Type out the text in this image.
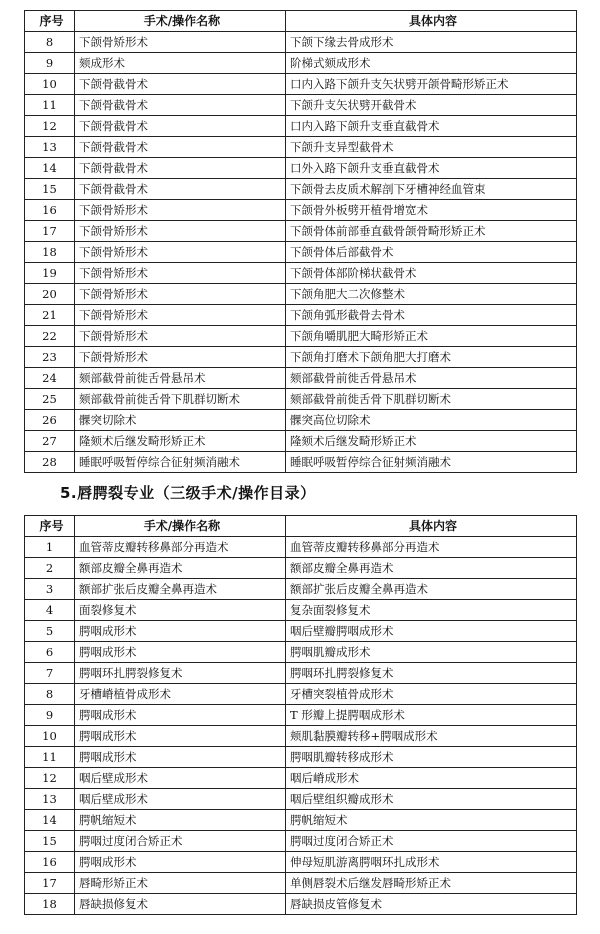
序号	手术/操作名称	具体内容
8	下颌骨矫形术	下颌下缘去骨成形术
9	颏成形术	阶梯式颏成形术
10	下颌骨截骨术	口内入路下颌升支矢状劈开颌骨畸形矫正术
11	下颌骨截骨术	下颌升支矢状劈开截骨术
12	下颌骨截骨术	口内入路下颌升支垂直截骨术
13	下颌骨截骨术	下颌升支异型截骨术
14	下颌骨截骨术	口外入路下颌升支垂直截骨术
15	下颌骨截骨术	下颌骨去皮质术解剖下牙槽神经血管束
16	下颌骨矫形术	下颌骨外板劈开植骨增宽术
17	下颌骨矫形术	下颌骨体前部垂直截骨颌骨畸形矫正术
18	下颌骨矫形术	下颌骨体后部截骨术
19	下颌骨矫形术	下颌骨体部阶梯状截骨术
20	下颌骨矫形术	下颌角肥大二次修整术
21	下颌骨矫形术	下颌角弧形截骨去骨术
22	下颌骨矫形术	下颌角嚼肌肥大畸形矫正术
23	下颌骨矫形术	下颌角打磨术下颌角肥大打磨术
24	颏部截骨前徙舌骨悬吊术	颏部截骨前徙舌骨悬吊术
25	颏部截骨前徙舌骨下肌群切断术	颏部截骨前徙舌骨下肌群切断术
26	髁突切除术	髁突高位切除术
27	隆颏术后继发畸形矫正术	隆颏术后继发畸形矫正术
28	睡眠呼吸暂停综合征射频消融术	睡眠呼吸暂停综合征射频消融术
5.唇腭裂专业（三级手术/操作目录）
序号	手术/操作名称	具体内容
1	血管蒂皮瓣转移鼻部分再造术	血管蒂皮瓣转移鼻部分再造术
2	额部皮瓣全鼻再造术	额部皮瓣全鼻再造术
3	额部扩张后皮瓣全鼻再造术	额部扩张后皮瓣全鼻再造术
4	面裂修复术	复杂面裂修复术
5	腭咽成形术	咽后壁瓣腭咽成形术
6	腭咽成形术	腭咽肌瓣成形术
7	腭咽环扎腭裂修复术	腭咽环扎腭裂修复术
8	牙槽嵴植骨成形术	牙槽突裂植骨成形术
9	腭咽成形术	T 形瓣上提腭咽成形术
10	腭咽成形术	颊肌黏膜瓣转移+腭咽成形术
11	腭咽成形术	腭咽肌瓣转移成形术
12	咽后壁成形术	咽后嵴成形术
13	咽后壁成形术	咽后壁组织瓣成形术
14	腭帆缩短术	腭帆缩短术
15	腭咽过度闭合矫正术	腭咽过度闭合矫正术
16	腭咽成形术	伸母短肌游离腭咽环扎成形术
17	唇畸形矫正术	单侧唇裂术后继发唇畸形矫正术
18	唇缺损修复术	唇缺损皮管修复术
